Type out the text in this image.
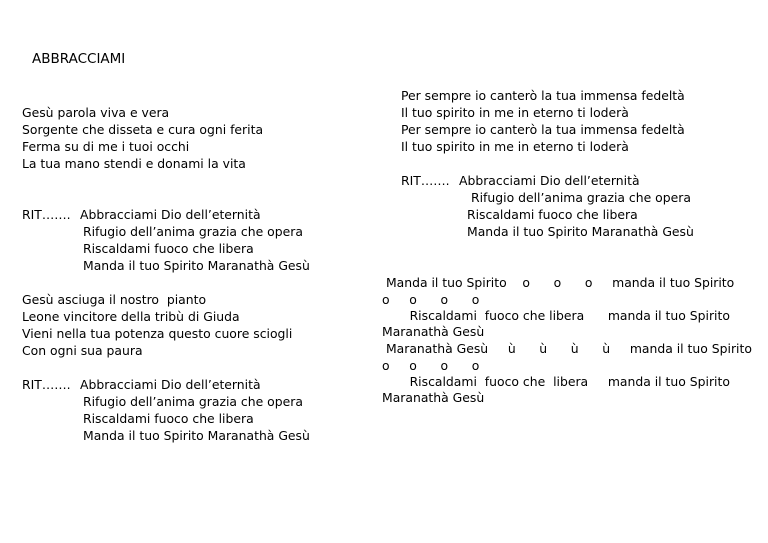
ABBRACCIAMI
Gesù parola viva e vera
Sorgente che disseta e cura ogni ferita
Ferma su di me i tuoi occhi
La tua mano stendi e donami la vita
RIT……. Abbracciami Dio dell’eternità
Rifugio dell’anima grazia che opera
Riscaldami fuoco che libera
Manda il tuo Spirito Maranathà Gesù
Gesù asciuga il nostro  pianto
Leone vincitore della tribù di Giuda
Vieni nella tua potenza questo cuore sciogli
Con ogni sua paura
RIT……. Abbracciami Dio dell’eternità
Rifugio dell’anima grazia che opera
Riscaldami fuoco che libera
Manda il tuo Spirito Maranathà Gesù
Per sempre io canterò la tua immensa fedeltà
Il tuo spirito in me in eterno ti loderà
Per sempre io canterò la tua immensa fedeltà
Il tuo spirito in me in eterno ti loderà
RIT……. Abbracciami Dio dell’eternità
Rifugio dell’anima grazia che opera
Riscaldami fuoco che libera
Manda il tuo Spirito Maranathà Gesù
Manda il tuo Spirito    o      o      o     manda il tuo Spirito
o     o      o      o
Riscaldami  fuoco che libera      manda il tuo Spirito
Maranathà Gesù
Maranathà Gesù     ù      ù      ù      ù     manda il tuo Spirito
o     o      o      o
Riscaldami  fuoco che  libera     manda il tuo Spirito
Maranathà Gesù
